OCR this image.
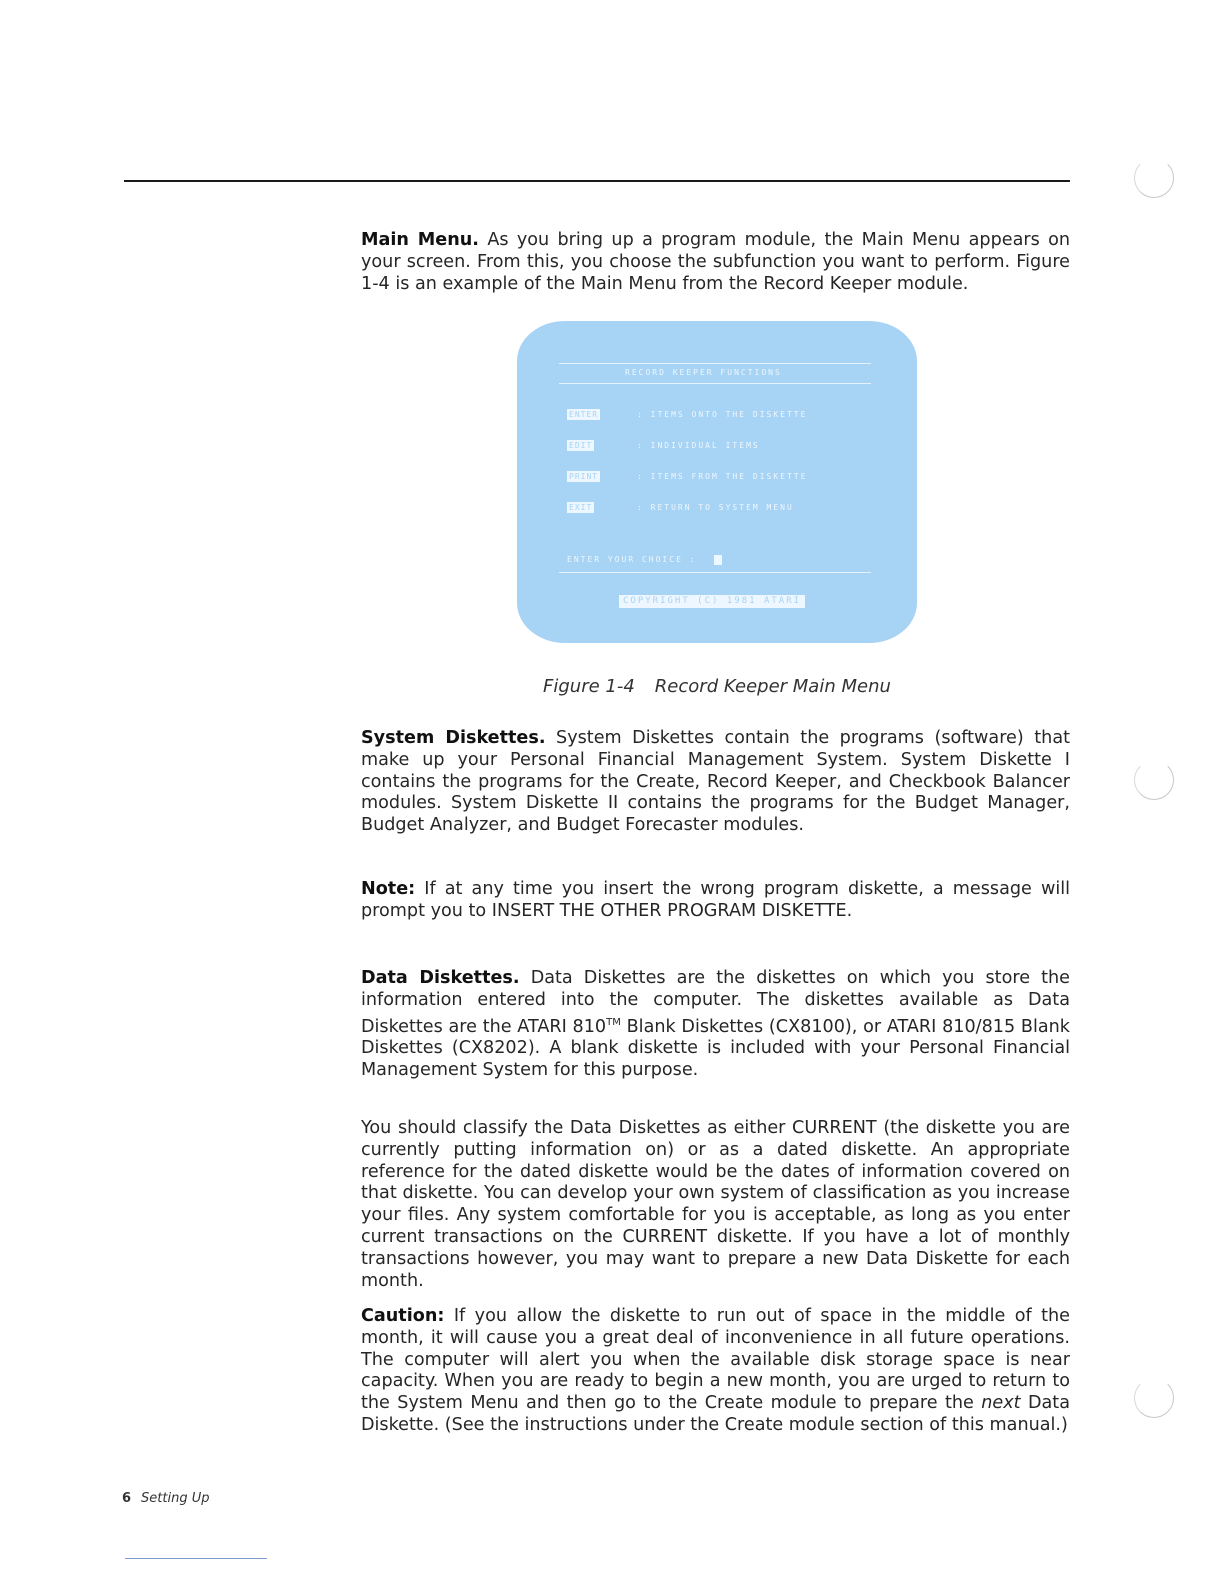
Main Menu. As you bring up a program module, the Main Menu appears on your screen. From this, you choose the subfunction you want to perform. Figure 1-4 is an example of the Main Menu from the Record Keeper module.

RECORD KEEPER FUNCTIONS
ENTER	: ITEMS ONTO THE DISKETTE
EDIT	: INDIVIDUAL ITEMS
PRINT	: ITEMS FROM THE DISKETTE
EXIT	: RETURN TO SYSTEM MENU
ENTER YOUR CHOICE :
COPYRIGHT (C) 1981 ATARI
Figure 1-4 Record Keeper Main Menu

System Diskettes. System Diskettes contain the programs (software) that make up your Personal Financial Management System. System Diskette I contains the programs for the Create, Record Keeper, and Checkbook Balancer modules. System Diskette II contains the programs for the Budget Manager, Budget Analyzer, and Budget Forecaster modules.

Note: If at any time you insert the wrong program diskette, a message will prompt you to INSERT THE OTHER PROGRAM DISKETTE.

Data Diskettes. Data Diskettes are the diskettes on which you store the information entered into the computer. The diskettes available as Data Diskettes are the ATARI 810™ Blank Diskettes (CX8100), or ATARI 810/815 Blank Diskettes (CX8202). A blank diskette is included with your Personal Financial Management System for this purpose.

You should classify the Data Diskettes as either CURRENT (the diskette you are currently putting information on) or as a dated diskette. An appropriate reference for the dated diskette would be the dates of information covered on that diskette. You can develop your own system of classification as you increase your files. Any system comfortable for you is acceptable, as long as you enter current transactions on the CURRENT diskette. If you have a lot of monthly transactions however, you may want to prepare a new Data Diskette for each month.

Caution: If you allow the diskette to run out of space in the middle of the month, it will cause you a great deal of inconvenience in all future operations. The computer will alert you when the available disk storage space is near capacity. When you are ready to begin a new month, you are urged to return to the System Menu and then go to the Create module to prepare the next Data Diskette. (See the instructions under the Create module section of this manual.)

6 Setting Up
